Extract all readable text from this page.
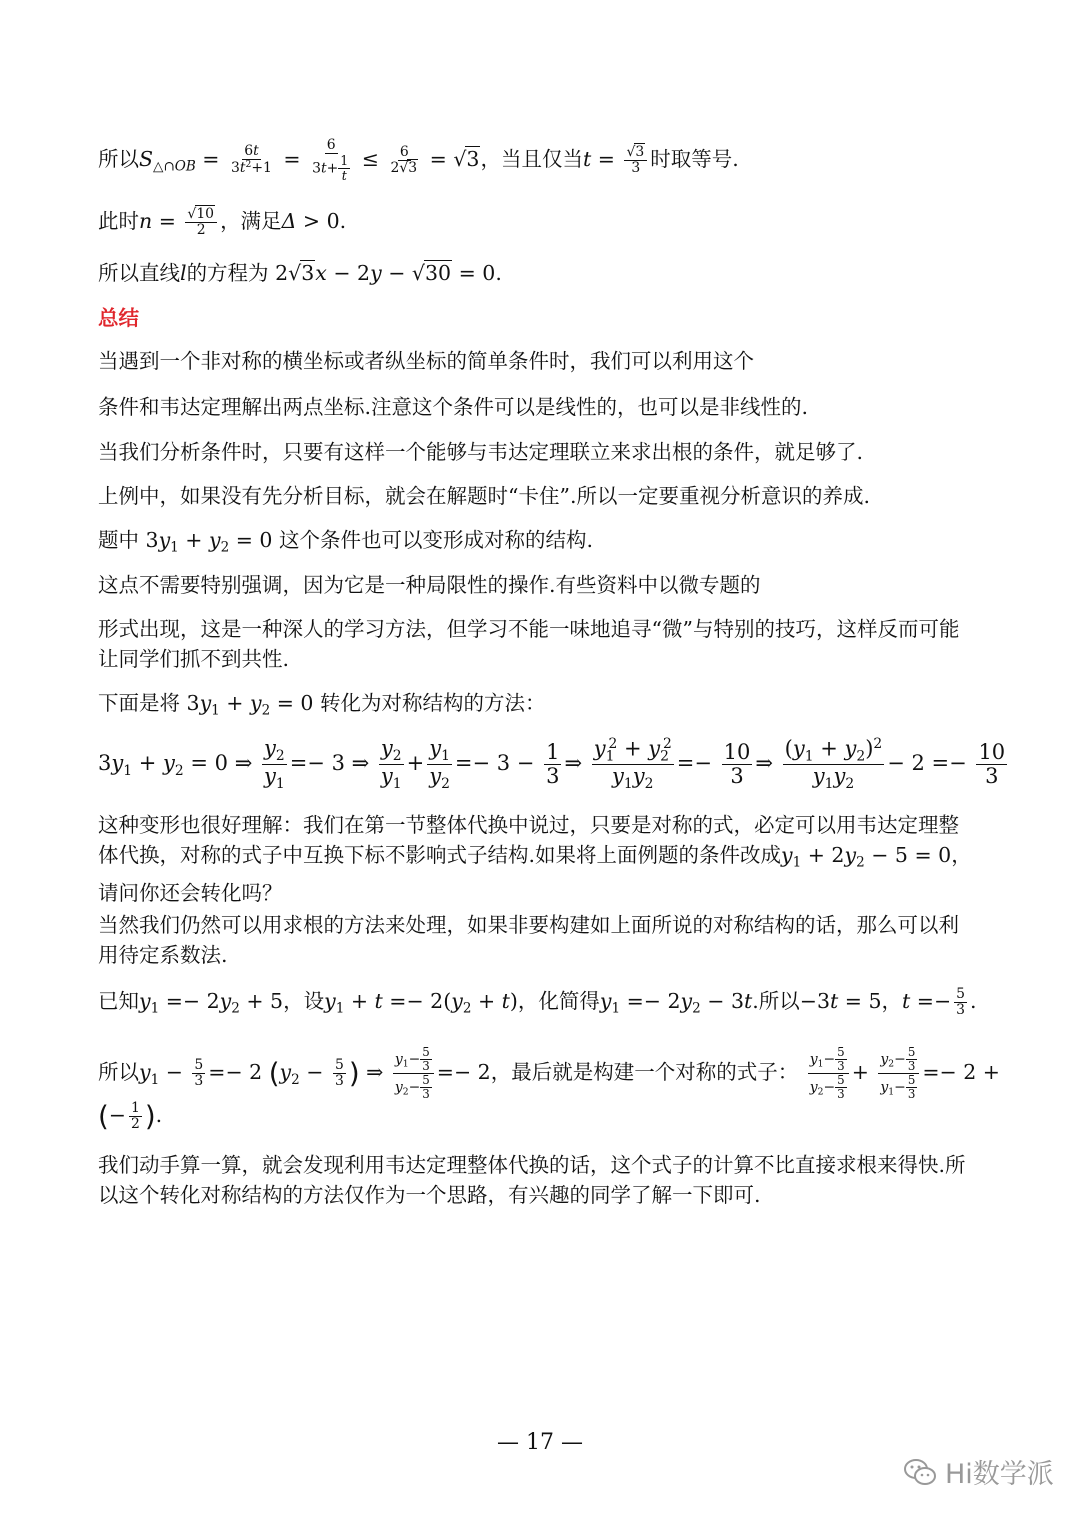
所以$S_{\triangle\cap OB} = \frac{6t}{3t^2+1} = \frac{6}{3t+ \frac{1}{t}} \le \frac{6}{2√3} = √3$，当且仅当$t = \frac{√3}{3}$ 时取等号.
此时$n = \frac{√10}{2}$ ，满足Δ > 0.
所以直线l的方程为 2√3x − 2y − √30 = 0.
总结
当遇到一个非对称的横坐标或者纵坐标的简单条件时，我们可以利用这个
条件和韦达定理解出两点坐标.注意这个条件可以是线性的，也可以是非线性的.
当我们分析条件时，只要有这样一个能够与韦达定理联立来求出根的条件，就足够了.
上例中，如果没有先分析目标，就会在解题时“卡住”.所以一定要重视分析意识的养成.
题中 $3y_1 + y_2 = 0$ 这个条件也可以变形成对称的结构.
这点不需要特别强调，因为它是一种局限性的操作.有些资料中以微专题的
形式出现，这是一种深人的学习方法，但学习不能一味地追寻“微”与特别的技巧，这样反而可能让同学们抓不到共性.
下面是将 $3y_1 + y_2 = 0$ 转化为对称结构的方法：
$3y_1 + y_2 = 0$ ⇒ $\frac{y_2}{y_1} =- 3$ ⇒ $\frac{y_2}{y_1} + \frac{y_1}{y_2} =- 3 - \frac{1}{3}$ ⇒ $\frac{y_1^2 + y_2^2}{y_1y_2} =- \frac{10}{3}$ ⇒ $\frac{(y_1 + y_2)^2}{y_1y_2} - 2 =- \frac{10}{3}$
这种变形也很好理解：我们在第一节整体代换中说过，只要是对称的式，必定可以用韦达定理整体代换，对称的式子中互换下标不影响式子结构.如果将上面例题的条件改成$y_1 + 2y_2 - 5 = 0$，请问你还会转化吗？
当然我们仍然可以用求根的方法来处理，如果非要构建如上面所说的对称结构的话，那么可以利用待定系数法.
已知$y_1 =- 2y_2 + 5$，设$y_1 + t =- 2(y_2 + t)$，化简得$y_1 =- 2y_2 - 3t$.所以−3t = 5，$t =- \frac{5}{3}$ .
所以$y_1 - \frac{5}{3} =- 2$ ($y_2 - \frac{5}{3}$ ) ⇒ $\frac{y_1- \frac{5}{3}}{y_2- \frac{5}{3}} =- 2$，最后就是构建一个对称的式子： $\frac{y_1- \frac{5}{3}}{y_2- \frac{5}{3}} + \frac{y_2- \frac{5}{3}}{y_1- \frac{5}{3}} =- 2$ +
(− $\frac{1}{2}$ ).
我们动手算一算，就会发现利用韦达定理整体代换的话，这个式子的计算不比直接求根来得快.所以这个转化对称结构的方法仅作为一个思路，有兴趣的同学了解一下即可.
— 17 —
Hi数学派
